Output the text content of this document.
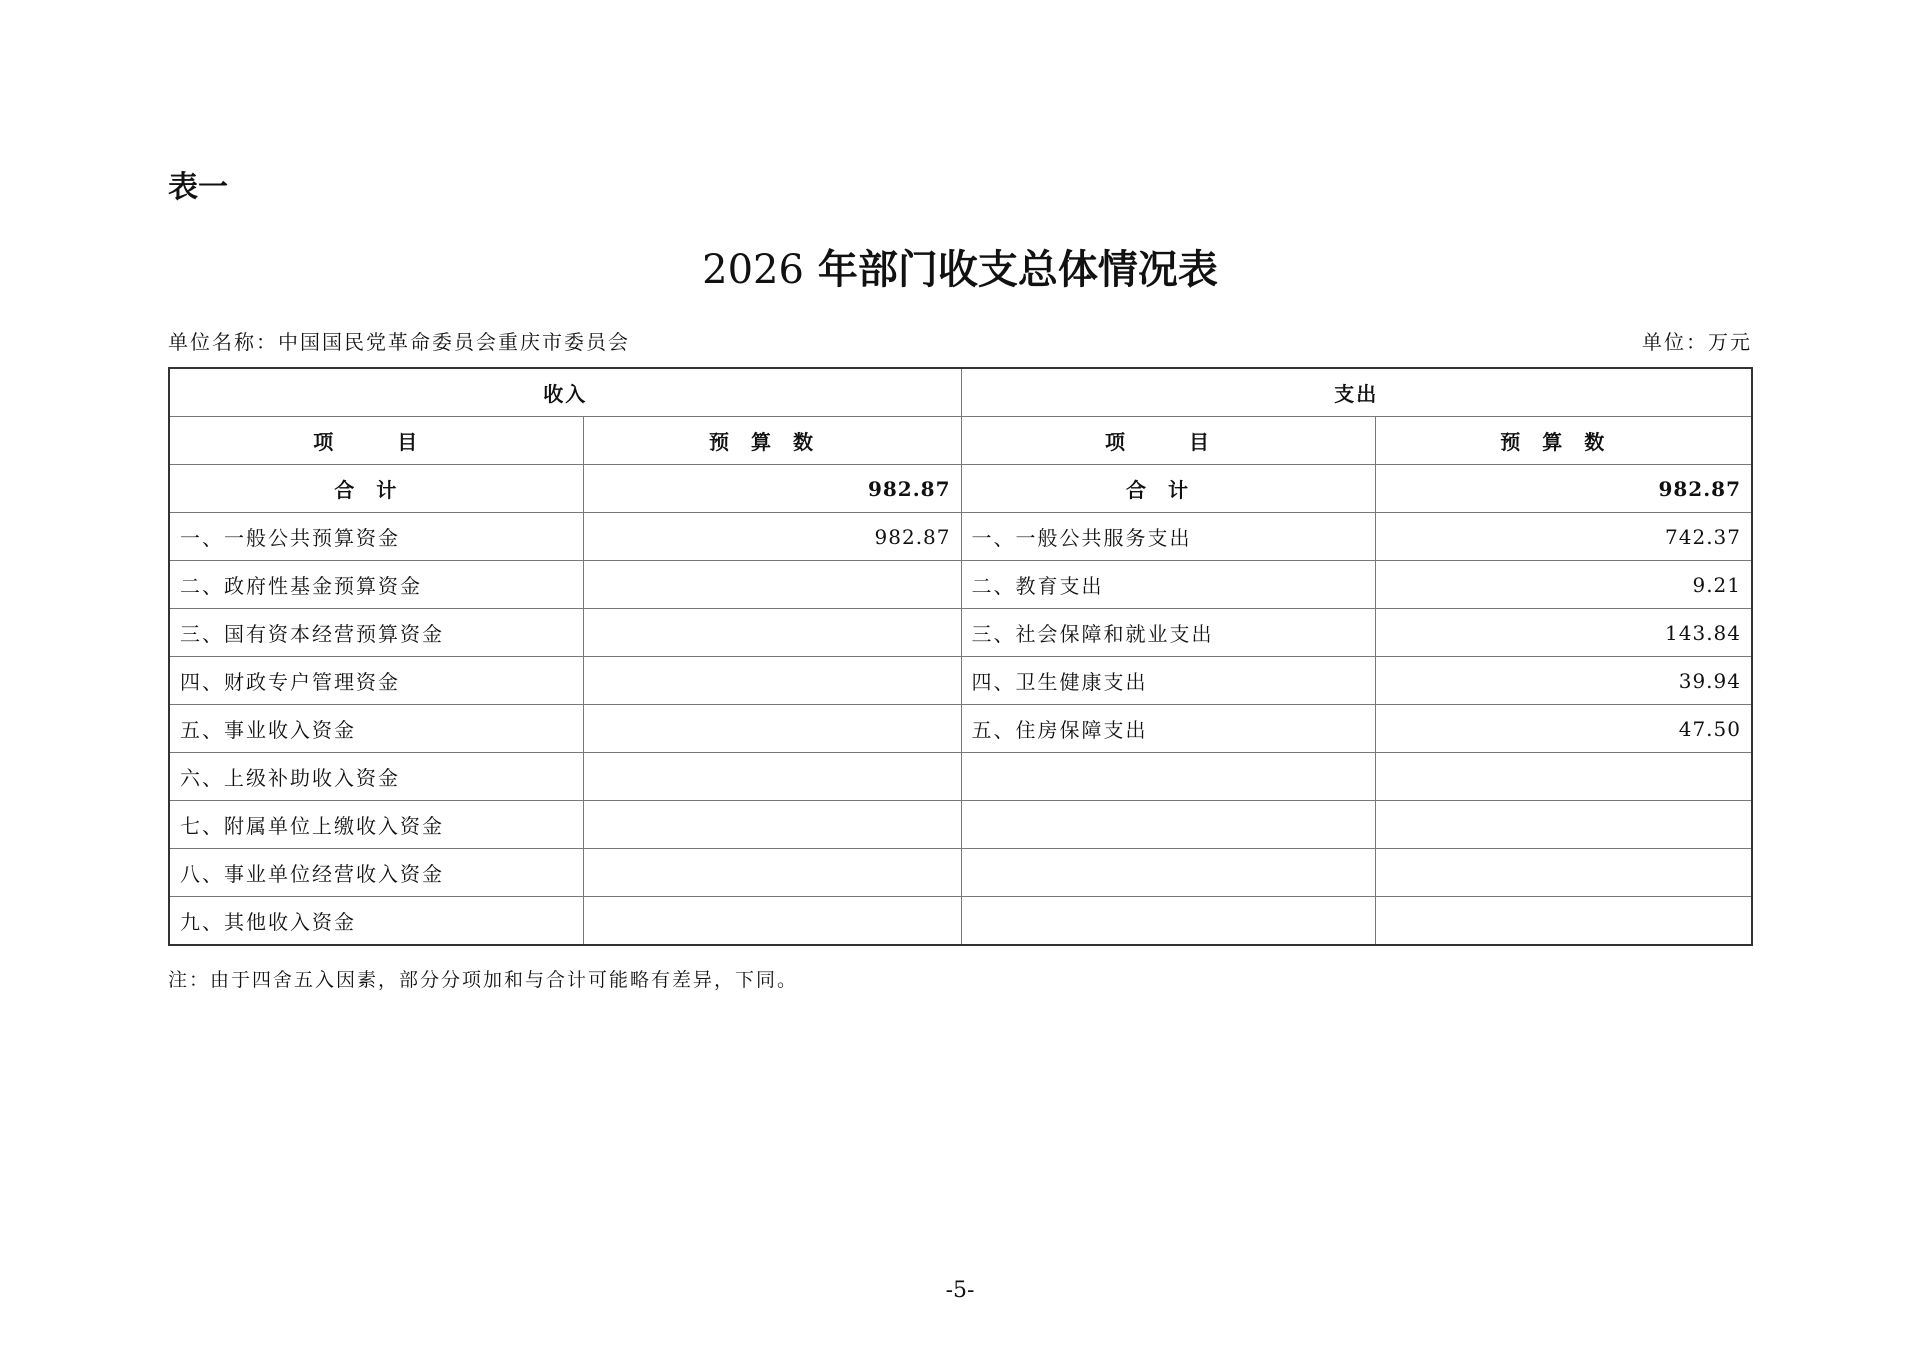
表一
2026 年部门收支总体情况表
单位名称：中国国民党革命委员会重庆市委员会	单位：万元
收入		支出	
项　目	预算数	项　目	预算数
合计	982.87	合计	982.87
一、一般公共预算资金	982.87	一、一般公共服务支出	742.37
二、政府性基金预算资金		二、教育支出	9.21
三、国有资本经营预算资金		三、社会保障和就业支出	143.84
四、财政专户管理资金		四、卫生健康支出	39.94
五、事业收入资金		五、住房保障支出	47.50
六、上级补助收入资金			
七、附属单位上缴收入资金			
八、事业单位经营收入资金			
九、其他收入资金			
注：由于四舍五入因素，部分分项加和与合计可能略有差异，下同。
-5-
